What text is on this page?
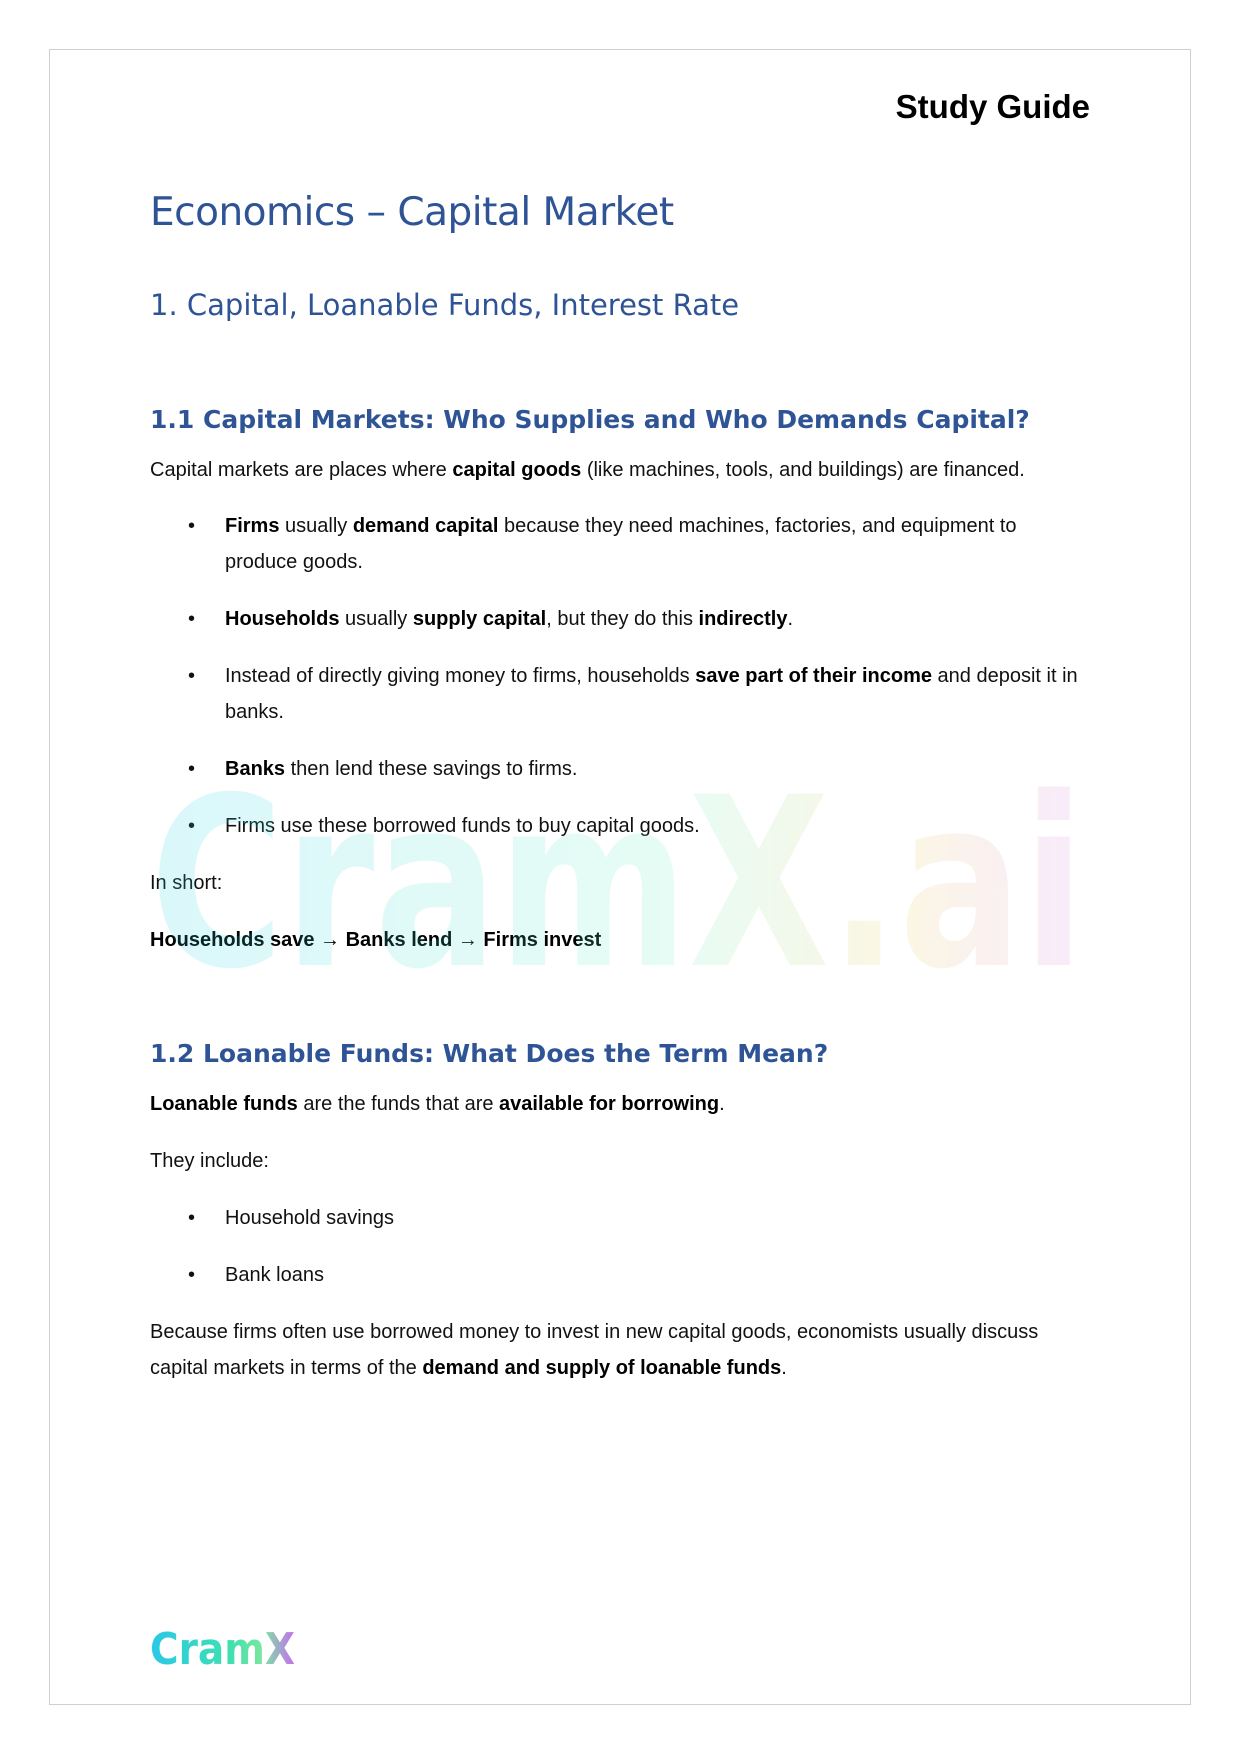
Study Guide
Economics – Capital Market
1. Capital, Loanable Funds, Interest Rate
1.1 Capital Markets: Who Supplies and Who Demands Capital?

Capital markets are places where capital goods (like machines, tools, and buildings) are financed.

• Firms usually demand capital because they need machines, factories, and equipment to produce goods.
• Households usually supply capital, but they do this indirectly.
• Instead of directly giving money to firms, households save part of their income and deposit it in banks.
• Banks then lend these savings to firms.
• Firms use these borrowed funds to buy capital goods.

In short:

Households save → Banks lend → Firms invest

CramX.ai
1.2 Loanable Funds: What Does the Term Mean?

Loanable funds are the funds that are available for borrowing.

They include:

• Household savings
• Bank loans

Because firms often use borrowed money to invest in new capital goods, economists usually discuss capital markets in terms of the demand and supply of loanable funds.

CramX
